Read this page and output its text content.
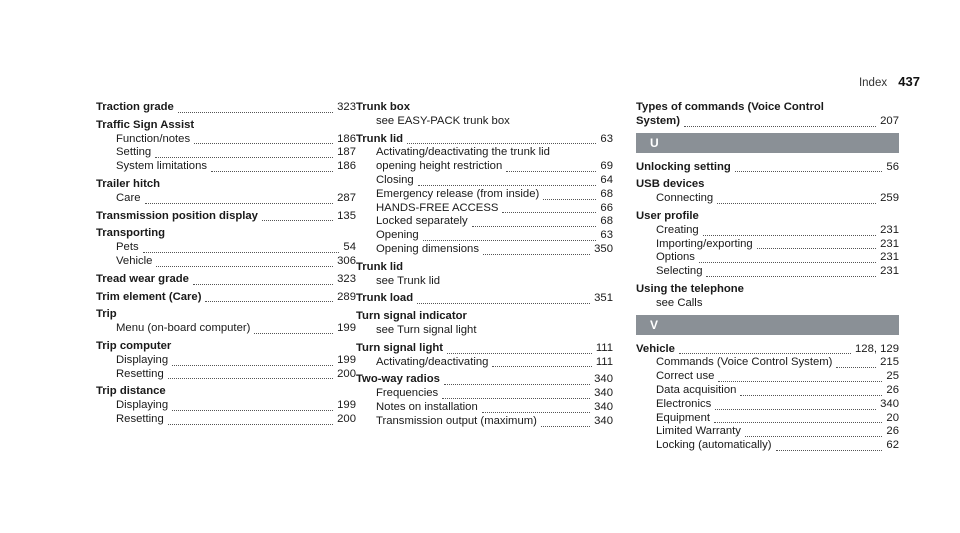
Index 437
Traction grade	323
Traffic Sign Assist
Function/notes	186
Setting	187
System limitations	186
Trailer hitch
Care	287
Transmission position display	135
Transporting
Pets	54
Vehicle	306
Tread wear grade	323
Trim element (Care)	289
Trip
Menu (on-board computer)	199
Trip computer
Displaying	199
Resetting	200
Trip distance
Displaying	199
Resetting	200
Trunk box
see EASY-PACK trunk box
Trunk lid	63
Activating/deactivating the trunk lid
opening height restriction	69
Closing	64
Emergency release (from inside)	68
HANDS-FREE ACCESS	66
Locked separately	68
Opening	63
Opening dimensions	350
Trunk lid
see Trunk lid
Trunk load	351
Turn signal indicator
see Turn signal light
Turn signal light	111
Activating/deactivating	111
Two-way radios	340
Frequencies	340
Notes on installation	340
Transmission output (maximum)	340
Types of commands (Voice Control
System)	207
U
Unlocking setting	56
USB devices
Connecting	259
User profile
Creating	231
Importing/exporting	231
Options	231
Selecting	231
Using the telephone
see Calls
V
Vehicle	128, 129
Commands (Voice Control System)	215
Correct use	25
Data acquisition	26
Electronics	340
Equipment	20
Limited Warranty	26
Locking (automatically)	62
